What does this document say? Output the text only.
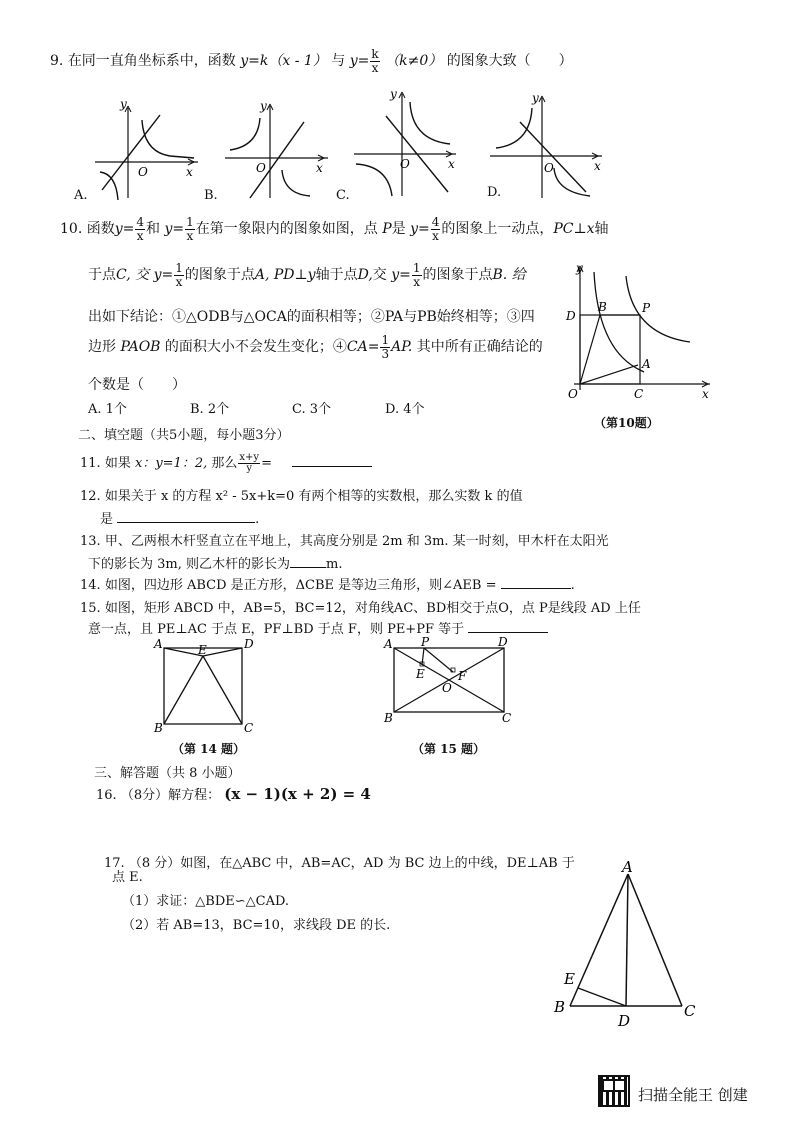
9. 在同一直角坐标系中，函数 y=k（x - 1） 与 $y= \frac{k}{x} (k\ne 0)$ 的图象大致（　　）
y
O	x
y
O	x
y
O	x
y
O	x
A.	B.	C.	D.
10. 函数$y= \frac{4}{x}$ 和 $y= \frac{1}{x}$ 在第一象限内的图象如图，点 P是 $y= \frac{4}{x}$ 的图象上一动点，PC⊥x轴
于点C, 交 $y= \frac{1}{x}$ 的图象于点A, PD⊥y轴于点D,交 $y= \frac{1}{x}$ 的图象于点B. 给
出如下结论：①△ODB与△OCA的面积相等；②PA与PB始终相等；③四
边形 PAOB 的面积大小不会发生变化；④CA= $\frac{1}{3}$ AP. 其中所有正确结论的
个数是（　　）
A. 1个	B. 2个	C. 3个	D. 4个
y
x
O
D
B	P
A
C
（第10题）
二、填空题（共5小题，每小题3分）
11. 如果 x：y=1：2, 那么 $\frac{x+y}{y}$ =
12. 如果关于 x 的方程 x² - 5x+k=0 有两个相等的实数根，那么实数 k 的值
是	.
13. 甲、乙两根木杆竖直立在平地上，其高度分别是 2m 和 3m. 某一时刻，甲木杆在太阳光
下的影长为 3m, 则乙木杆的影长为	m.
14. 如图，四边形 ABCD 是正方形，ΔCBE 是等边三角形，则∠AEB =	.
15. 如图，矩形 ABCD 中，AB=5，BC=12，对角线AC、BD相交于点O，点 P是线段 AD 上任
意一点，且 PE⊥AC 于点 E，PF⊥BD 于点 F，则 PE+PF 等于
A	E	D
B	C
（第 14 题）
A P	D
E
O
F
B	C
（第 15 题）
三、解答题（共 8 小题）
16. （8分）解方程： (x − 1)(x + 2) = 4
17. （8 分）如图，在△ABC 中，AB=AC，AD 为 BC 边上的中线，DE⊥AB 于
点 E.
（1）求证：△BDE∽△CAD.
（2）若 AB=13，BC=10，求线段 DE 的长.
A
E
B
D
C
扫描全能王 创建
